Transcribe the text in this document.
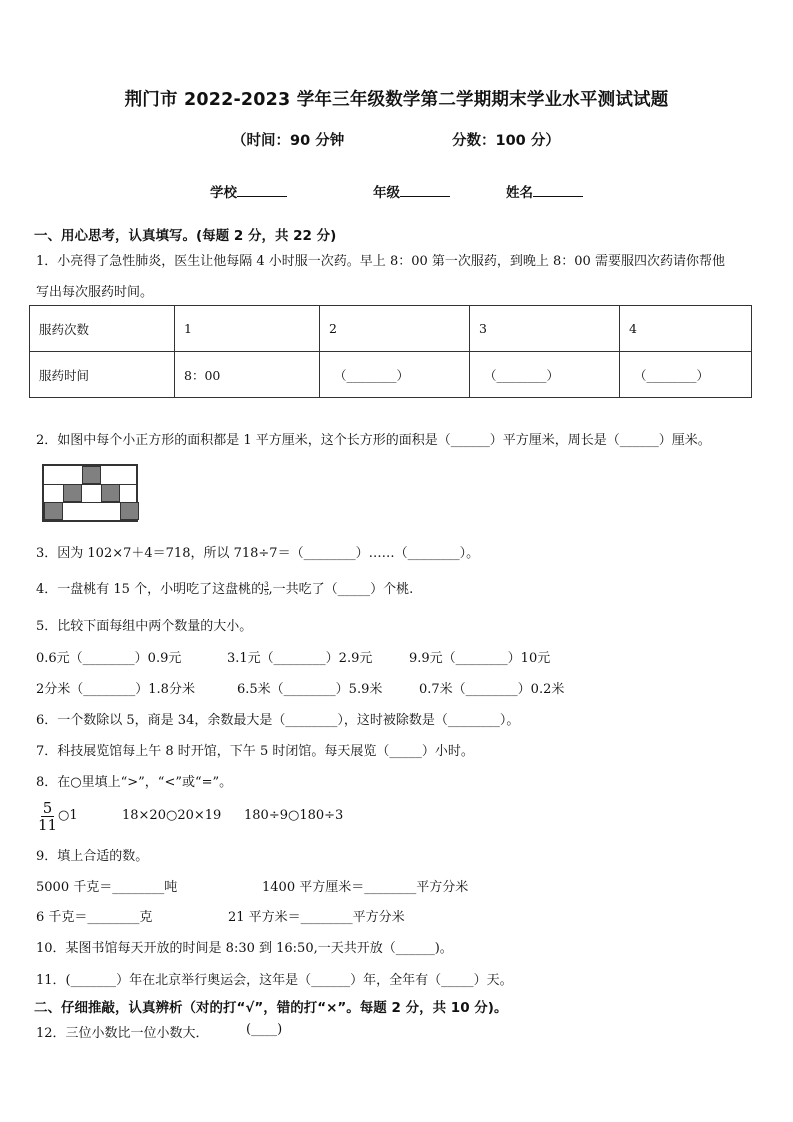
荆门市 2022-2023 学年三年级数学第二学期期末学业水平测试试题
（时间：90 分钟	分数：100 分）
学校	年级	姓名
一、用心思考，认真填写。(每题 2 分，共 22 分)
1．小亮得了急性肺炎，医生让他每隔 4 小时服一次药。早上 8：00 第一次服药，到晚上 8：00 需要服四次药请你帮他
写出每次服药时间。
服药次数	1	2	3	4
服药时间	8：00	（________）	（________）	（________）
2．如图中每个小正方形的面积都是 1 平方厘米，这个长方形的面积是（______）平方厘米，周长是（______）厘米。
3．因为 102×7＋4＝718，所以 718÷7＝（________）……（________）。
4．一盘桃有 15 个，小明吃了这盘桃的 $\frac{3}{5}$ ,一共吃了（_____）个桃.
5．比较下面每组中两个数量的大小。
0.6元（________）0.9元	3.1元（________）2.9元	9.9元（________）10元
2分米（________）1.8分米	6.5米（________）5.9米	0.7米（________）0.2米
6．一个数除以 5，商是 34，余数最大是（________），这时被除数是（________）。
7．科技展览馆每上午 8 时开馆，下午 5 时闭馆。每天展览（_____）小时。
8．在○里填上“>”，“<”或“=”。
$\frac{5}{11}$ ○1	18×20○20×19 180÷9○180÷3
9．填上合适的数。
5000 千克＝________吨	1400 平方厘米＝________平方分米
6 千克＝________克	21 平方米＝________平方分米
10．某图书馆每天开放的时间是 8:30 到 16:50,一天共开放（______)。
11．(_______）年在北京举行奥运会，这年是（______）年，全年有（_____）天。
二、仔细推敲，认真辨析（对的打“√”，错的打“×”。每题 2 分，共 10 分)。
12．三位小数比一位小数大．	(____)
